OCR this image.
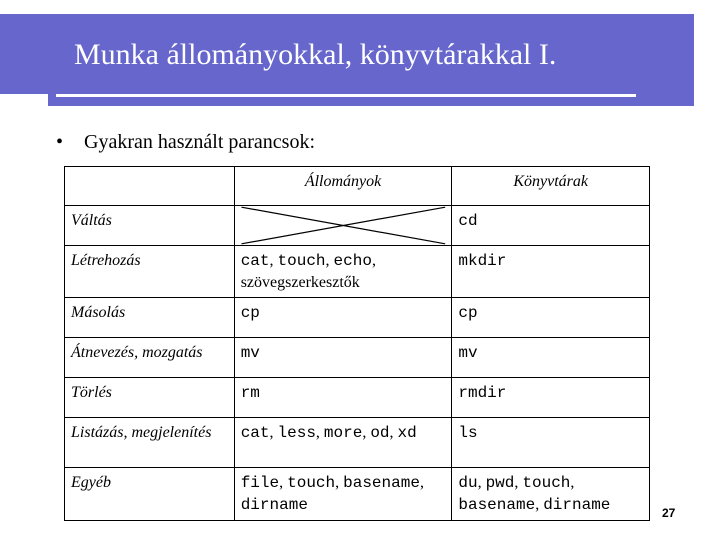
Munka állományokkal, könyvtárakkal I.
• Gyakran használt parancsok:
	Állományok	Könyvtárak
Váltás		cd
Létrehozás	cat, touch, echo, szövegszerkesztők	mkdir
Másolás	cp	cp
Átnevezés, mozgatás	mv	mv
Törlés	rm	rmdir
Listázás, megjelenítés	cat, less, more, od, xd	ls
Egyéb	file, touch, basename, dirname	du, pwd, touch, basename, dirname	27
